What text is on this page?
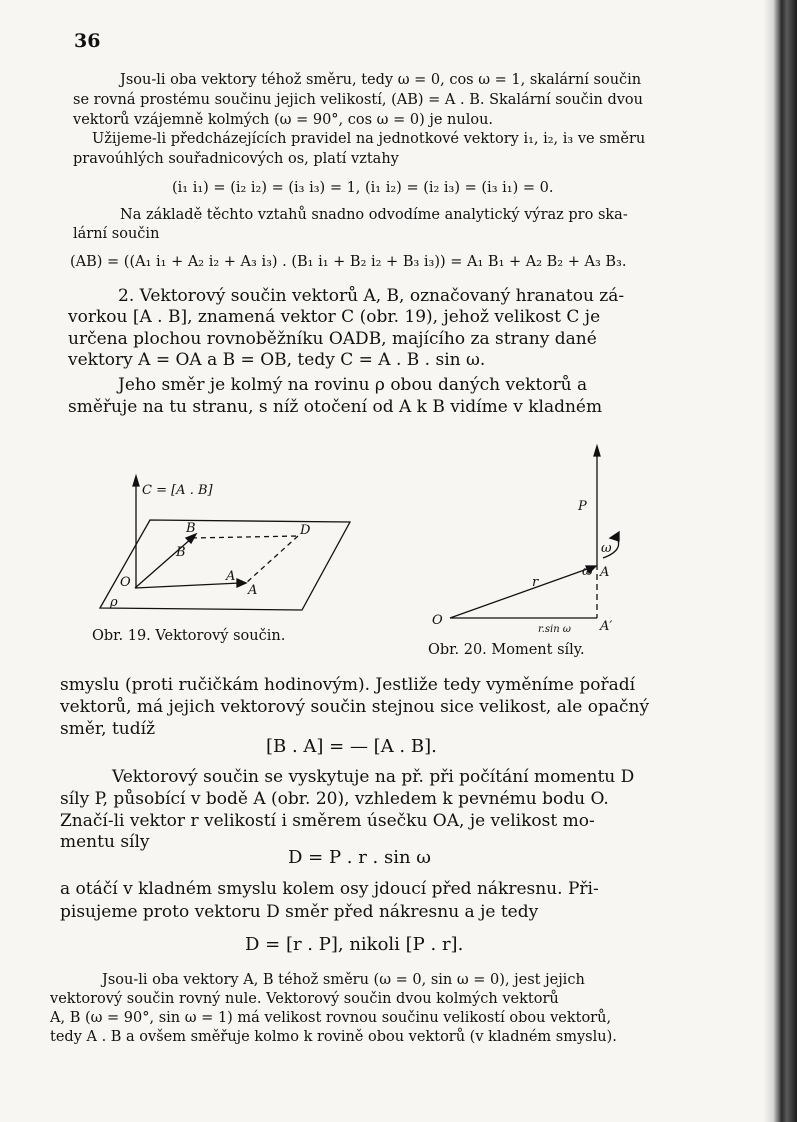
36
Jsou-li oba vektory téhož směru, tedy ω = 0, cos ω = 1, skalární součin
se rovná prostému součinu jejich velikostí, (AB) = A . B. Skalární součin dvou
vektorů vzájemně kolmých (ω = 90°, cos ω = 0) je nulou.
Užijeme-li předcházejících pravidel na jednotkové vektory i₁, i₂, i₃ ve směru
pravoúhlých souřadnicových os, platí vztahy
(i₁ i₁) = (i₂ i₂) = (i₃ i₃) = 1, (i₁ i₂) = (i₂ i₃) = (i₃ i₁) = 0.
Na základě těchto vztahů snadno odvodíme analytický výraz pro ska-
lární součin
(AB) = ((A₁ i₁ + A₂ i₂ + A₃ i₃) . (B₁ i₁ + B₂ i₂ + B₃ i₃)) = A₁ B₁ + A₂ B₂ + A₃ B₃.
2. Vektorový součin vektorů A, B, označovaný hranatou zá-
vorkou [A . B], znamená vektor C (obr. 19), jehož velikost C je
určena plochou rovnoběžníku OADB, majícího za strany dané
vektory A = OA a B = OB, tedy C = A . B . sin ω.
Jeho směr je kolmý na rovinu ρ obou daných vektorů a
směřuje na tu stranu, s níž otočení od A k B vidíme v kladném
C = [A . B]
B
B
D
O	A
A
ρ
Obr. 19. Vektorový součin.
P
ω
ω A
r
O
r.sin ω A′
Obr. 20. Moment síly.
smyslu (proti ručičkám hodinovým). Jestliže tedy vyměníme pořadí
vektorů, má jejich vektorový součin stejnou sice velikost, ale opačný
směr, tudíž
[B . A] = — [A . B].
Vektorový součin se vyskytuje na př. při počítání momentu D
síly P, působící v bodě A (obr. 20), vzhledem k pevnému bodu O.
Značí-li vektor r velikostí i směrem úsečku OA, je velikost mo-
mentu síly
D = P . r . sin ω
a otáčí v kladném smyslu kolem osy jdoucí před nákresnu. Při-
pisujeme proto vektoru D směr před nákresnu a je tedy
D = [r . P], nikoli [P . r].
Jsou-li oba vektory A, B téhož směru (ω = 0, sin ω = 0), jest jejich
vektorový součin rovný nule. Vektorový součin dvou kolmých vektorů
A, B (ω = 90°, sin ω = 1) má velikost rovnou součinu velikostí obou vektorů,
tedy A . B a ovšem směřuje kolmo k rovině obou vektorů (v kladném smyslu).
